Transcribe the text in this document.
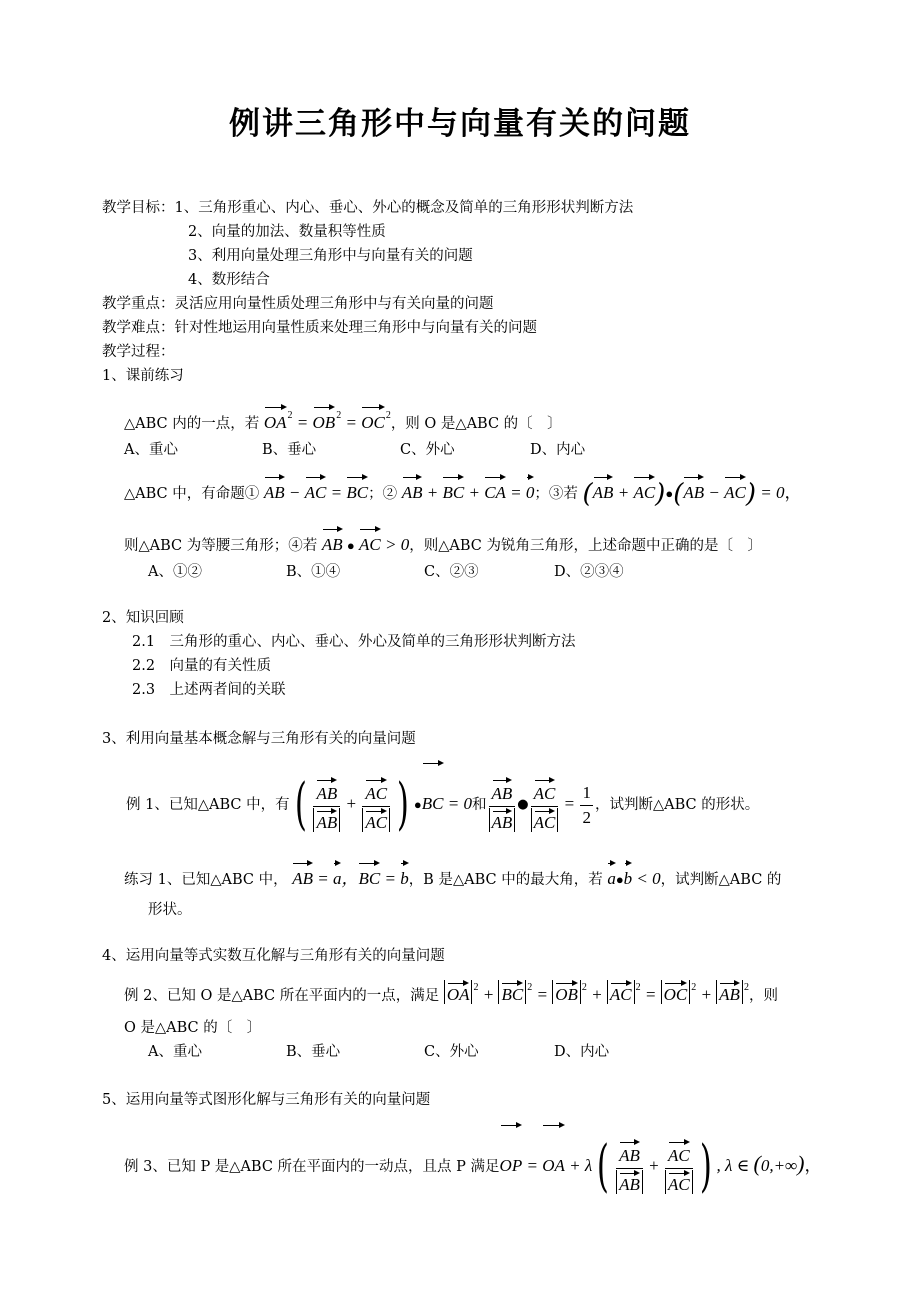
例讲三角形中与向量有关的问题
教学目标：1、三角形重心、内心、垂心、外心的概念及简单的三角形形状判断方法
2、向量的加法、数量积等性质
3、利用向量处理三角形中与向量有关的问题
4、数形结合
教学重点：灵活应用向量性质处理三角形中与有关向量的问题
教学难点：针对性地运用向量性质来处理三角形中与向量有关的问题
教学过程：
1、课前练习
△ABC 内的一点，若 $OA^2 = OB^2 = OC^2$，则 O 是△ABC 的〔　〕
A、重心	B、垂心	C、外心	D、内心
△ABC 中，有命题① AB − AC = BC；② AB + BC + CA = 0；③若 (AB + AC)●(AB − AC) = 0，
则△ABC 为等腰三角形；④若 AB ● AC > 0，则△ABC 为锐角三角形，上述命题中正确的是〔　〕
A、①②	B、①④	C、②③	D、②③④
2、知识回顾
2.1　三角形的重心、内心、垂心、外心及简单的三角形形状判断方法
2.2　向量的有关性质
2.3　上述两者间的关联
3、利用向量基本概念解与三角形有关的向量问题
例 1、已知△ABC 中，有( $\frac{AB}{AB} + \frac{AC}{AC}$ ) ●BC = 0和 $\frac{AB}{AB}$ ● $\frac{AC}{AC} = \frac{1}{2}$ ，试判断△ABC 的形状。
练习 1、已知△ABC 中， AB = a，BC = b，B 是△ABC 中的最大角，若 a●b < 0，试判断△ABC 的
形状。
4、运用向量等式实数互化解与三角形有关的向量问题
例 2、已知 O 是△ABC 所在平面内的一点，满足 OA $^2$ + BC $^2$ = OB $^2$ + AC $^2$ = OC $^2$ + AB $^2$，则
O 是△ABC 的〔　〕
A、重心	B、垂心	C、外心	D、内心
5、运用向量等式图形化解与三角形有关的向量问题
例 3、已知 P 是△ABC 所在平面内的一动点，且点 P 满足OP = OA + $\lambda( \frac{AB}{AB} + \frac{AC}{AC}$ ) , λ ∈ (0,+∞)，
